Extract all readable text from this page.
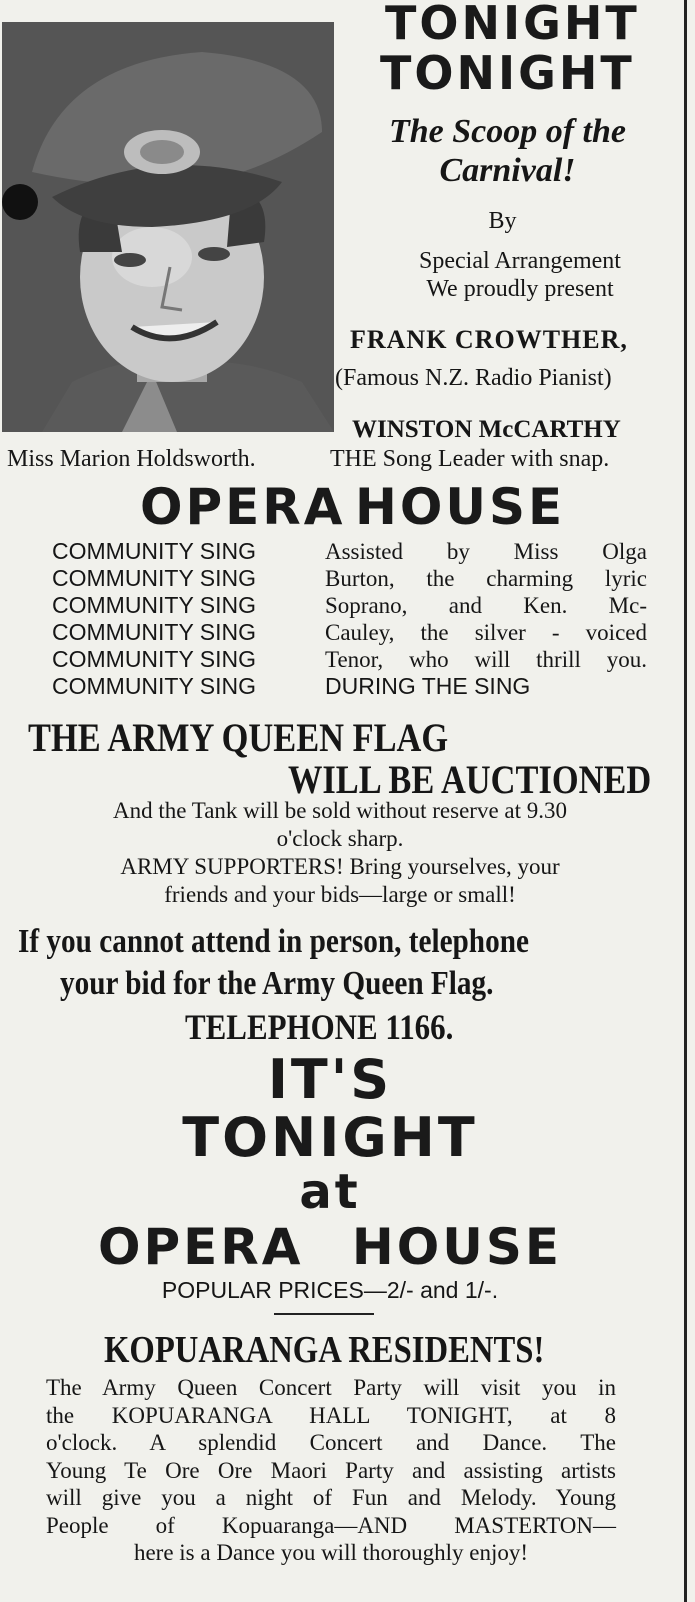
TONIGHT
TONIGHT
The Scoop of the
Carnival!
By
Special Arrangement
We proudly present
FRANK CROWTHER,
(Famous N.Z. Radio Pianist)
WINSTON McCARTHY
Miss Marion Holdsworth.	THE Song Leader with snap.
OPERA HOUSE
COMMUNITY SING
COMMUNITY SING
COMMUNITY SING
COMMUNITY SING
COMMUNITY SING
COMMUNITY SING
Assisted by Miss Olga
Burton, the charming lyric
Soprano, and Ken. Mc-
Cauley, the silver - voiced
Tenor, who will thrill you.
DURING THE SING
THE ARMY QUEEN FLAG
WILL BE AUCTIONED
And the Tank will be sold without reserve at 9.30
o'clock sharp.
ARMY SUPPORTERS! Bring yourselves, your
friends and your bids—large or small!
If you cannot attend in person, telephone
your bid for the Army Queen Flag.
TELEPHONE 1166.
IT'S
TONIGHT
at
OPERA HOUSE
POPULAR PRICES—2/- and 1/-.
KOPUARANGA RESIDENTS!
The Army Queen Concert Party will visit you in
the KOPUARANGA HALL TONIGHT, at 8
o'clock. A splendid Concert and Dance. The
Young Te Ore Ore Maori Party and assisting artists
will give you a night of Fun and Melody. Young
People of Kopuaranga—AND MASTERTON—
here is a Dance you will thoroughly enjoy!
